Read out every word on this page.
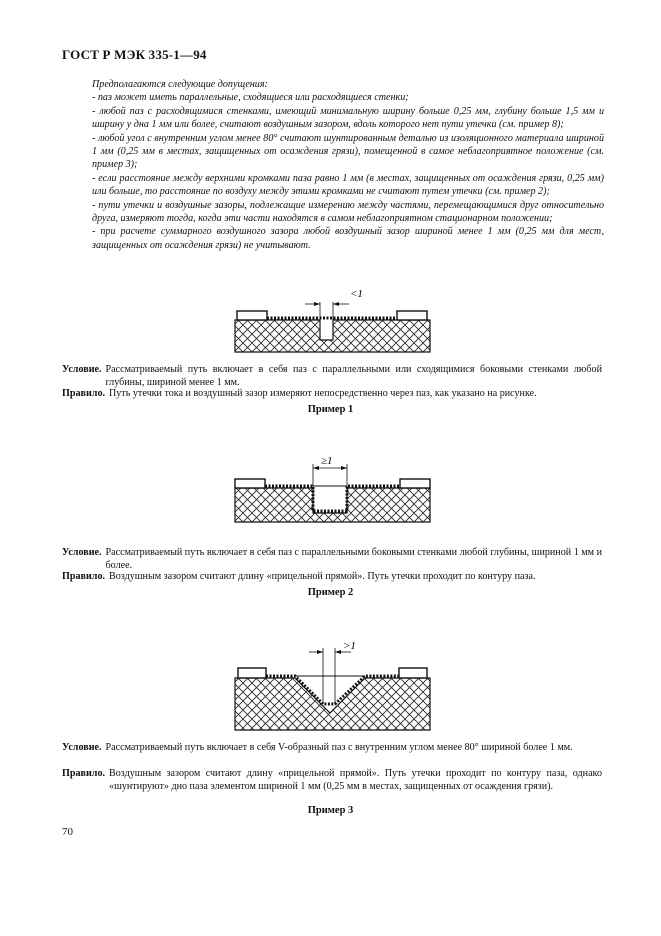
ГОСТ Р МЭК 335-1—94

Предполагаются следующие допущения:

- паз может иметь параллельные, сходящиеся или расходящиеся стенки;

- любой паз с расходящимися стенками, имеющий минимальную ширину больше 0,25 мм, глубину больше 1,5 мм и ширину у дна 1 мм или более, считают воздушным зазором, вдоль которого нет пути утечки (см. пример 8);

- любой угол с внутренним углом менее 80° считают шунтированным деталью из изоляционного материала шириной 1 мм (0,25 мм в местах, защищенных от осаждения грязи), помещенной в самое неблагоприятное положение (см. пример 3);

- если расстояние между верхними кромками паза равно 1 мм (в местах, защищенных от осаждения грязи, 0,25 мм) или больше, то расстояние по воздуху между этими кромками не считают путем утечки (см. пример 2);

- пути утечки и воздушные зазоры, подлежащие измерению между частями, перемещающимися друг относительно друга, измеряют тогда, когда эти части находятся в самом неблагоприятном стационарном положении;

- при расчете суммарного воздушного зазора любой воздушный зазор шириной менее 1 мм (0,25 мм для мест, защищенных от осаждения грязи) не учитывают.

<1
Условие. Рассматриваемый путь включает в себя паз с параллельными или сходящимися боковыми стенками любой глубины, шириной менее 1 мм.
Правило. Путь утечки тока и воздушный зазор измеряют непосредственно через паз, как указано на рисунке.
Пример 1
≥1
Условие. Рассматриваемый путь включает в себя паз с параллельными боковыми стенками любой глубины, шириной 1 мм и более.
Правило. Воздушным зазором считают длину «прицельной прямой». Путь утечки проходит по контуру паза.
Пример 2
>1
Условие. Рассматриваемый путь включает в себя V-образный паз с внутренним углом менее 80° шириной более 1 мм.
Правило. Воздушным зазором считают длину «прицельной прямой». Путь утечки проходит по контуру паза, однако «шунтируют» дно паза элементом шириной 1 мм (0,25 мм в местах, защищенных от осаждения грязи).
Пример 3
70
